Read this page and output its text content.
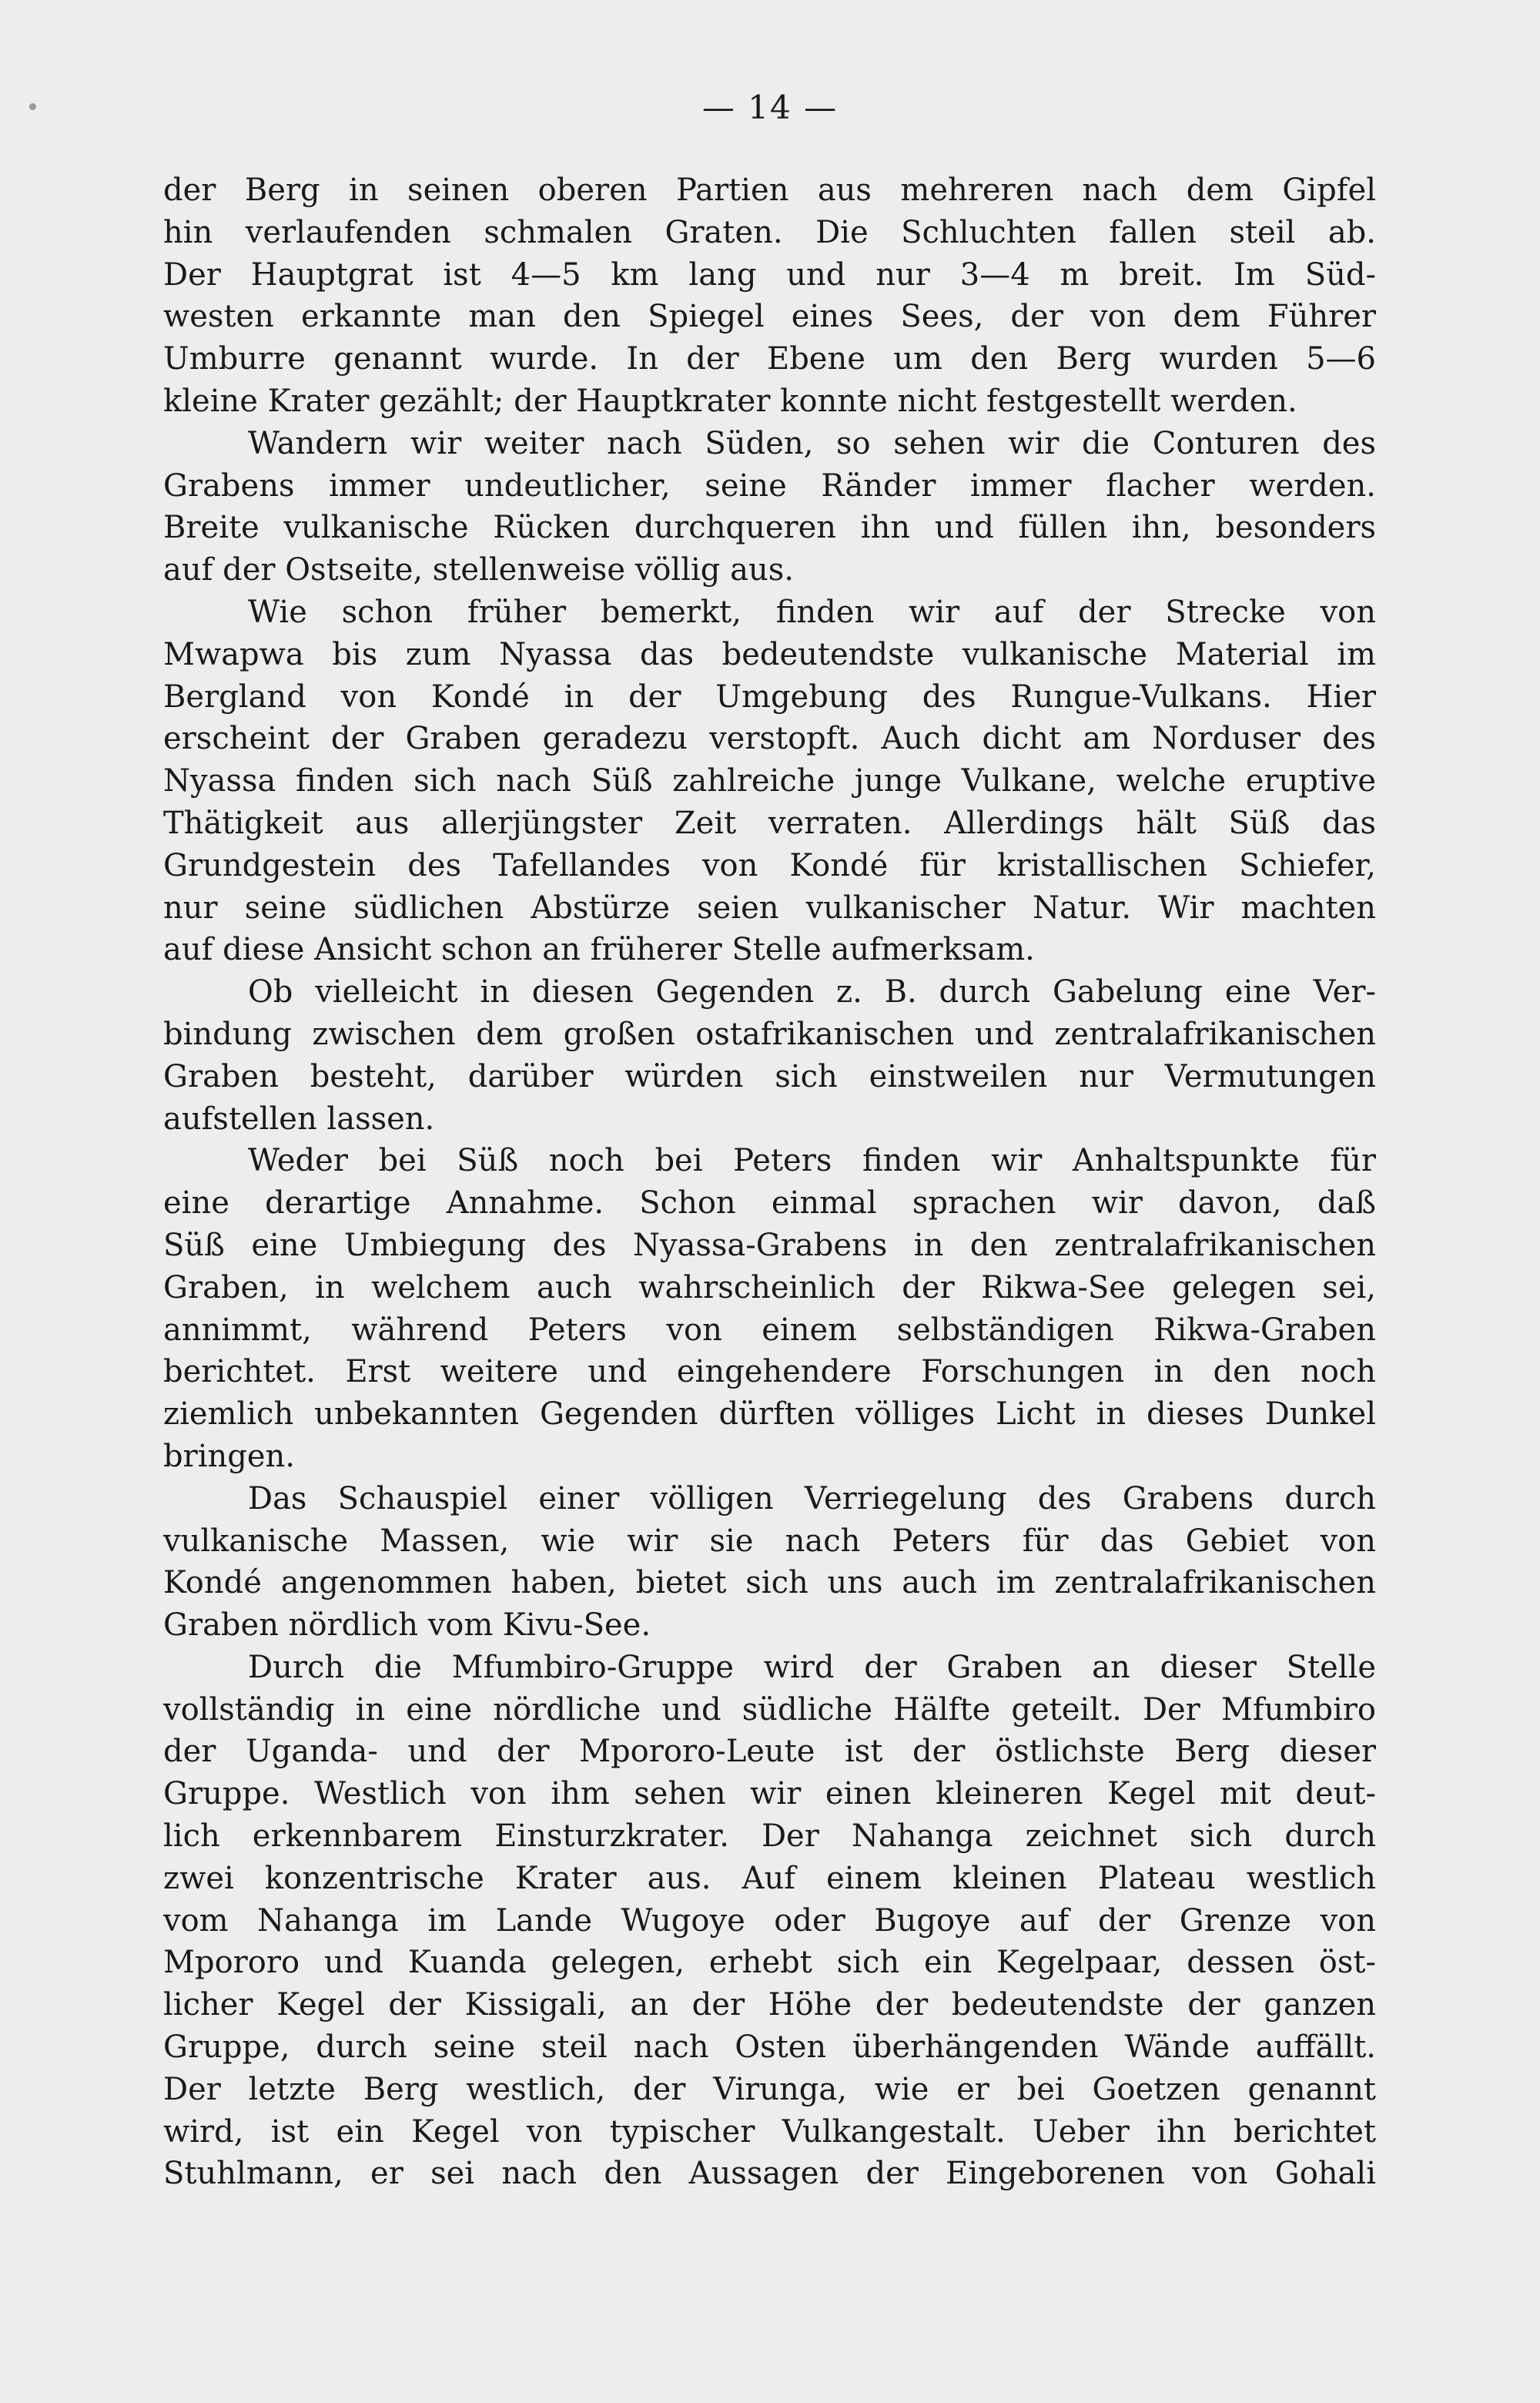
— 14 —
der Berg in seinen oberen Partien aus mehreren nach dem Gipfel
hin verlaufenden schmalen Graten. Die Schluchten fallen steil ab.
Der Hauptgrat ist 4—5 km lang und nur 3—4 m breit. Im Süd-
westen erkannte man den Spiegel eines Sees, der von dem Führer
Umburre genannt wurde. In der Ebene um den Berg wurden 5—6
kleine Krater gezählt; der Hauptkrater konnte nicht festgestellt werden.
Wandern wir weiter nach Süden, so sehen wir die Conturen des
Grabens immer undeutlicher, seine Ränder immer flacher werden.
Breite vulkanische Rücken durchqueren ihn und füllen ihn, besonders
auf der Ostseite, stellenweise völlig aus.
Wie schon früher bemerkt, finden wir auf der Strecke von
Mwapwa bis zum Nyassa das bedeutendste vulkanische Material im
Bergland von Kondé in der Umgebung des Rungue-Vulkans. Hier
erscheint der Graben geradezu verstopft. Auch dicht am Norduser des
Nyassa finden sich nach Süß zahlreiche junge Vulkane, welche eruptive
Thätigkeit aus allerjüngster Zeit verraten. Allerdings hält Süß das
Grundgestein des Tafellandes von Kondé für kristallischen Schiefer,
nur seine südlichen Abstürze seien vulkanischer Natur. Wir machten
auf diese Ansicht schon an früherer Stelle aufmerksam.
Ob vielleicht in diesen Gegenden z. B. durch Gabelung eine Ver-
bindung zwischen dem großen ostafrikanischen und zentralafrikanischen
Graben besteht, darüber würden sich einstweilen nur Vermutungen
aufstellen lassen.
Weder bei Süß noch bei Peters finden wir Anhaltspunkte für
eine derartige Annahme. Schon einmal sprachen wir davon, daß
Süß eine Umbiegung des Nyassa-Grabens in den zentralafrikanischen
Graben, in welchem auch wahrscheinlich der Rikwa-See gelegen sei,
annimmt, während Peters von einem selbständigen Rikwa-Graben
berichtet. Erst weitere und eingehendere Forschungen in den noch
ziemlich unbekannten Gegenden dürften völliges Licht in dieses Dunkel
bringen.
Das Schauspiel einer völligen Verriegelung des Grabens durch
vulkanische Massen, wie wir sie nach Peters für das Gebiet von
Kondé angenommen haben, bietet sich uns auch im zentralafrikanischen
Graben nördlich vom Kivu-See.
Durch die Mfumbiro-Gruppe wird der Graben an dieser Stelle
vollständig in eine nördliche und südliche Hälfte geteilt. Der Mfumbiro
der Uganda- und der Mpororo-Leute ist der östlichste Berg dieser
Gruppe. Westlich von ihm sehen wir einen kleineren Kegel mit deut-
lich erkennbarem Einsturzkrater. Der Nahanga zeichnet sich durch
zwei konzentrische Krater aus. Auf einem kleinen Plateau westlich
vom Nahanga im Lande Wugoye oder Bugoye auf der Grenze von
Mpororo und Kuanda gelegen, erhebt sich ein Kegelpaar, dessen öst-
licher Kegel der Kissigali, an der Höhe der bedeutendste der ganzen
Gruppe, durch seine steil nach Osten überhängenden Wände auffällt.
Der letzte Berg westlich, der Virunga, wie er bei Goetzen genannt
wird, ist ein Kegel von typischer Vulkangestalt. Ueber ihn berichtet
Stuhlmann, er sei nach den Aussagen der Eingeborenen von Gohali
